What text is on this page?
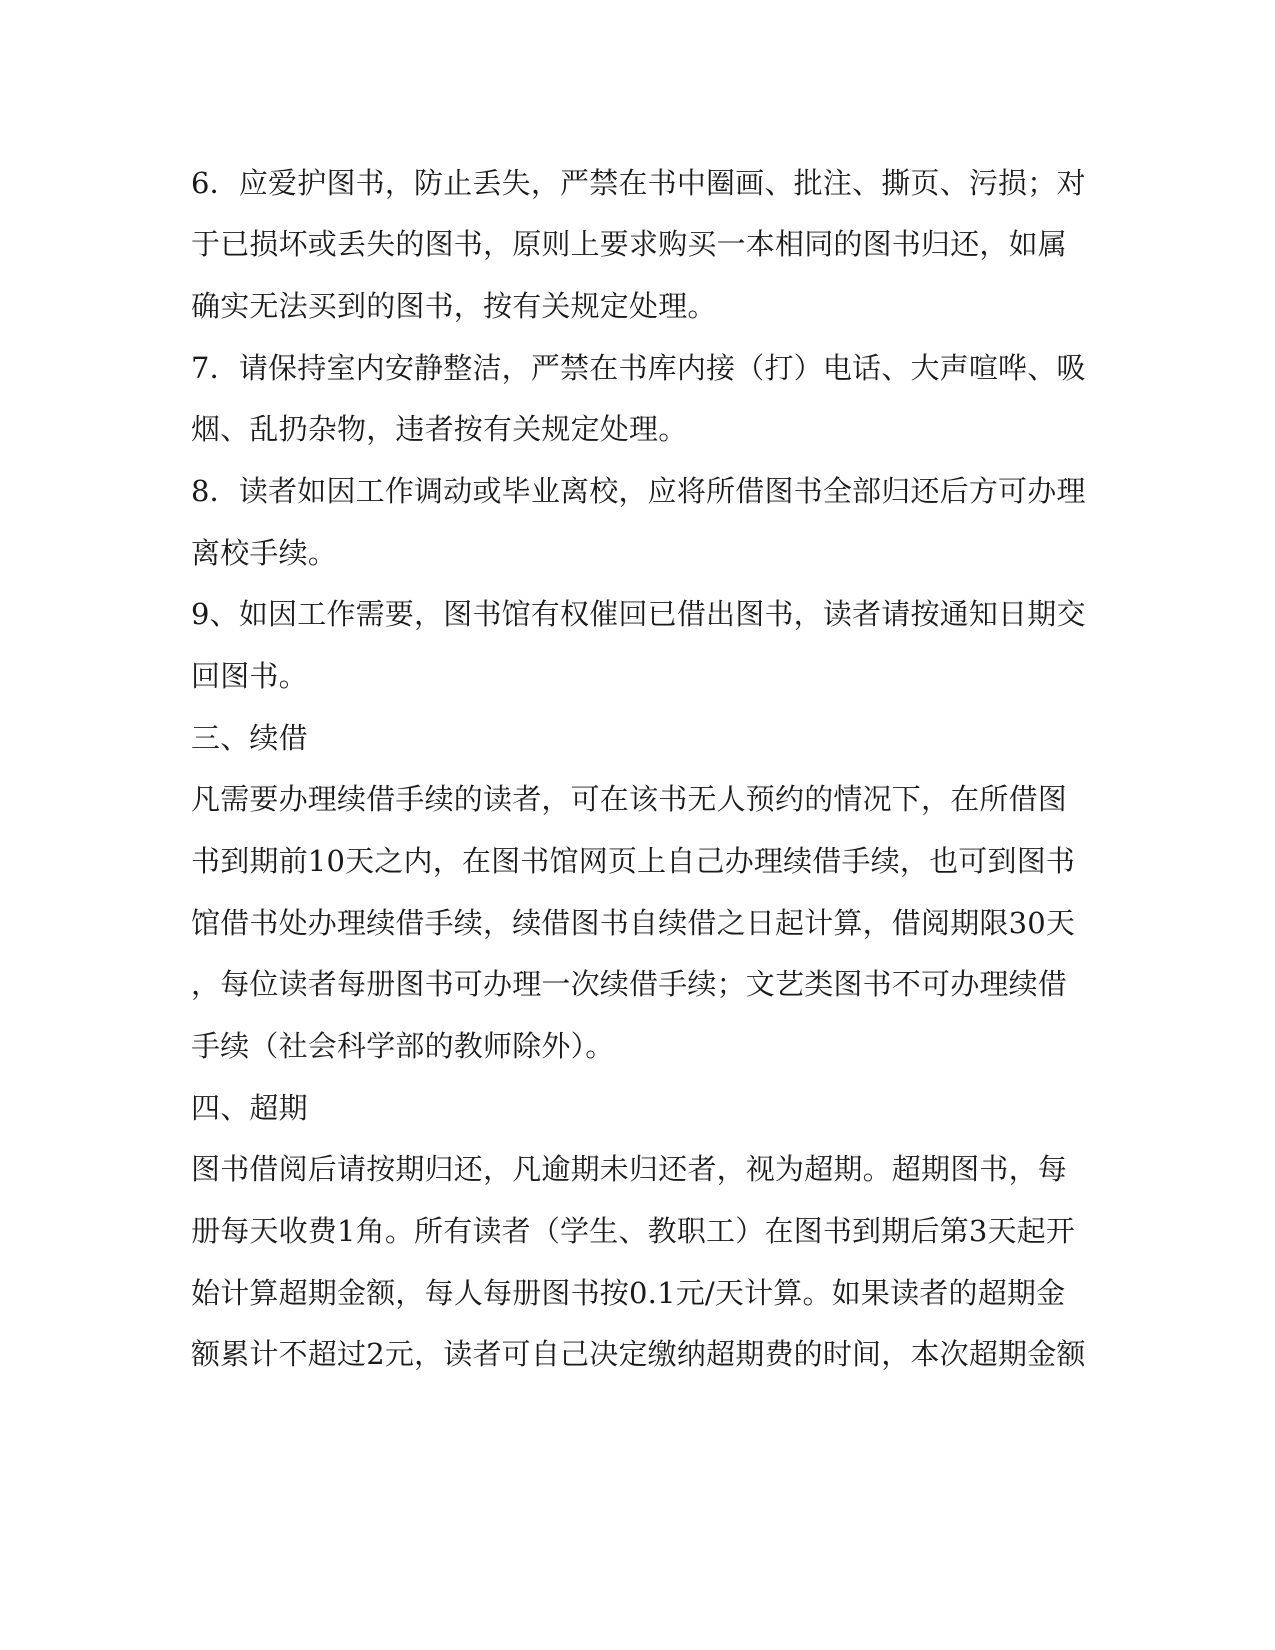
6．应爱护图书，防止丢失，严禁在书中圈画、批注、撕页、污损；对
于已损坏或丢失的图书，原则上要求购买一本相同的图书归还，如属
确实无法买到的图书，按有关规定处理。
7．请保持室内安静整洁，严禁在书库内接（打）电话、大声喧哗、吸
烟、乱扔杂物，违者按有关规定处理。
8．读者如因工作调动或毕业离校，应将所借图书全部归还后方可办理
离校手续。
9、如因工作需要，图书馆有权催回已借出图书，读者请按通知日期交
回图书。
三、续借
凡需要办理续借手续的读者，可在该书无人预约的情况下，在所借图
书到期前10天之内，在图书馆网页上自己办理续借手续，也可到图书
馆借书处办理续借手续，续借图书自续借之日起计算，借阅期限30天
，每位读者每册图书可办理一次续借手续；文艺类图书不可办理续借
手续（社会科学部的教师除外）。
四、超期
图书借阅后请按期归还，凡逾期未归还者，视为超期。超期图书，每
册每天收费1角。所有读者（学生、教职工）在图书到期后第3天起开
始计算超期金额，每人每册图书按0.1元/天计算。如果读者的超期金
额累计不超过2元，读者可自己决定缴纳超期费的时间，本次超期金额
